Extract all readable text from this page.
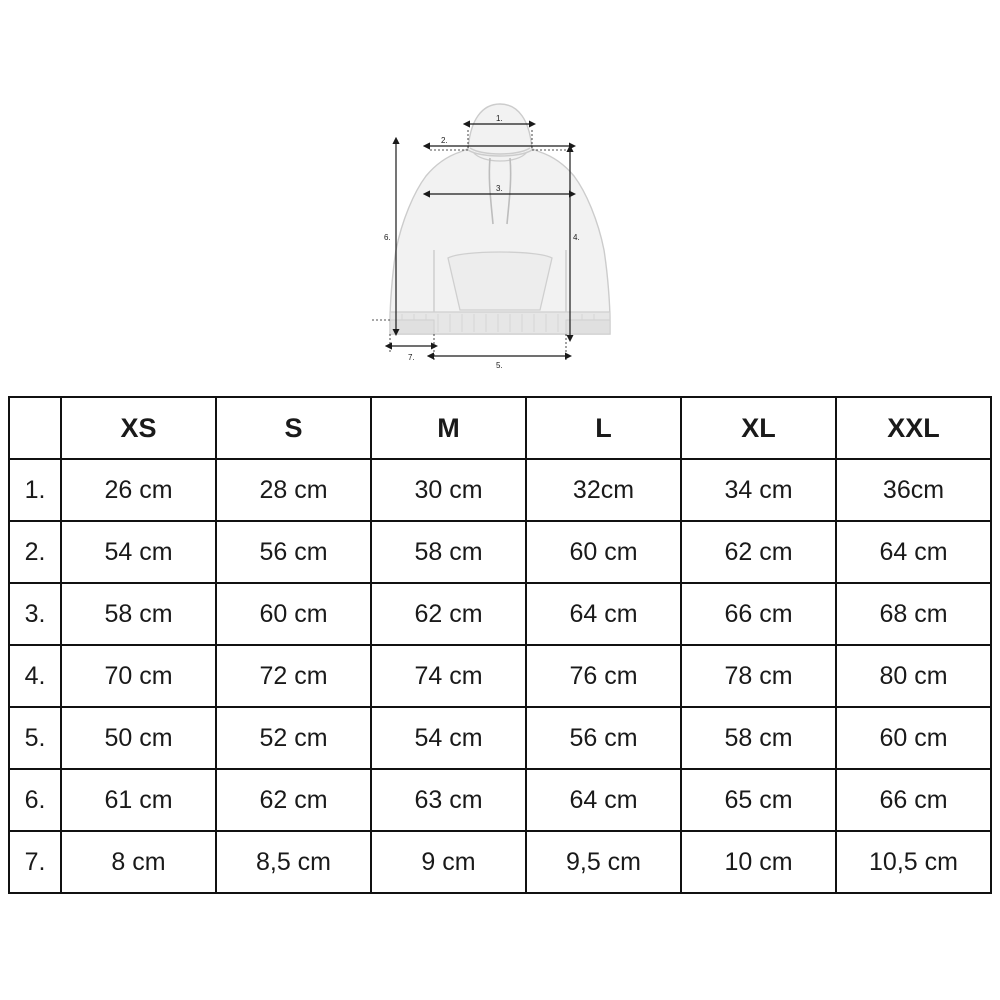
1.
2.
3.
4.
5.
6.
7.
	XS	S	M	L	XL	XXL
1.	26 cm	28 cm	30 cm	32cm	34 cm	36cm
2.	54 cm	56 cm	58 cm	60 cm	62 cm	64 cm
3.	58 cm	60 cm	62 cm	64 cm	66 cm	68 cm
4.	70 cm	72 cm	74 cm	76 cm	78 cm	80 cm
5.	50 cm	52 cm	54 cm	56 cm	58 cm	60 cm
6.	61 cm	62 cm	63 cm	64 cm	65 cm	66 cm
7.	8 cm	8,5 cm	9 cm	9,5 cm	10 cm	10,5 cm
